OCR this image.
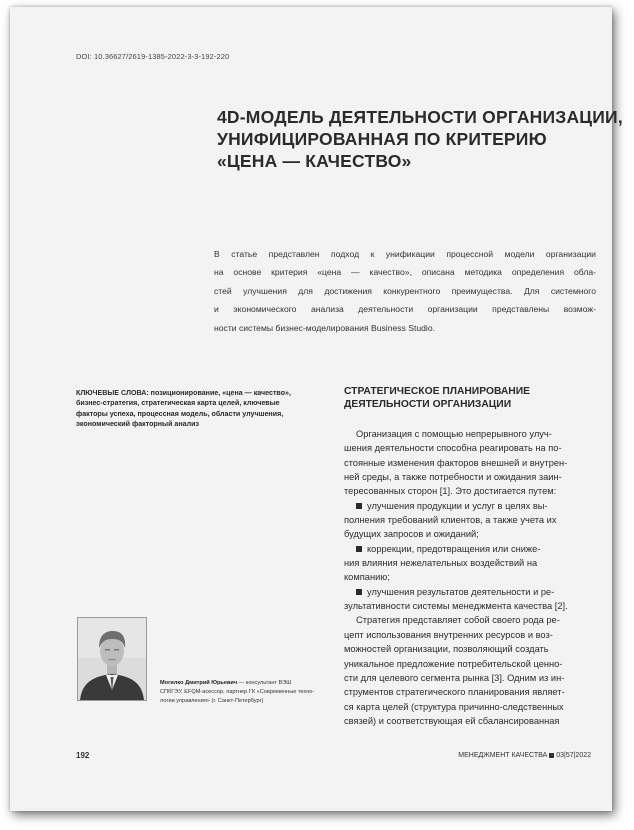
DOI: 10.36627/2619-1385-2022-3-3-192-220
4D-МОДЕЛЬ ДЕЯТЕЛЬНОСТИ ОРГАНИЗАЦИИ,
УНИФИЦИРОВАННАЯ ПО КРИТЕРИЮ
«ЦЕНА — КАЧЕСТВО»
В статье представлен подход к унификации процессной модели организации
на основе критерия «цена — качество», описана методика определения обла-
стей улучшения для достижения конкурентного преимущества. Для системного
и экономического анализа деятельности организации представлены возмож-
ности системы бизнес-моделирования Business Studio.
КЛЮЧЕВЫЕ СЛОВА: позиционирование, «цена — качество»,
бизнес-стратегия, стратегическая карта целей, ключевые
факторы успеха, процессная модель, области улучшения,
экономический факторный анализ
Могилко Дмитрий Юрьевич — консультант ВЭШ
СПбГЭУ, EFQM-асессор, партнер ГК «Современные техно-
логии управления» (г. Санкт-Петербург)
СТРАТЕГИЧЕСКОЕ ПЛАНИРОВАНИЕ
ДЕЯТЕЛЬНОСТИ ОРГАНИЗАЦИИ
Организация с помощью непрерывного улуч-
шения деятельности способна реагировать на по-
стоянные изменения факторов внешней и внутрен-
ней среды, а также потребности и ожидания заин-
тересованных сторон [1]. Это достигается путем:
улучшения продукции и услуг в целях вы-
полнения требований клиентов, а также учета их
будущих запросов и ожиданий;
коррекции, предотвращения или сниже-
ния влияния нежелательных воздействий на
компанию;
улучшения результатов деятельности и ре-
зультативности системы менеджмента качества [2].
Стратегия представляет собой своего рода ре-
цепт использования внутренних ресурсов и воз-
можностей организации, позволяющий создать
уникальное предложение потребительской ценно-
сти для целевого сегмента рынка [3]. Одним из ин-
струментов стратегического планирования являет-
ся карта целей (структура причинно-следственных
связей) и соответствующая ей сбалансированная
192	МЕНЕДЖМЕНТ КАЧЕСТВА 03|57|2022
